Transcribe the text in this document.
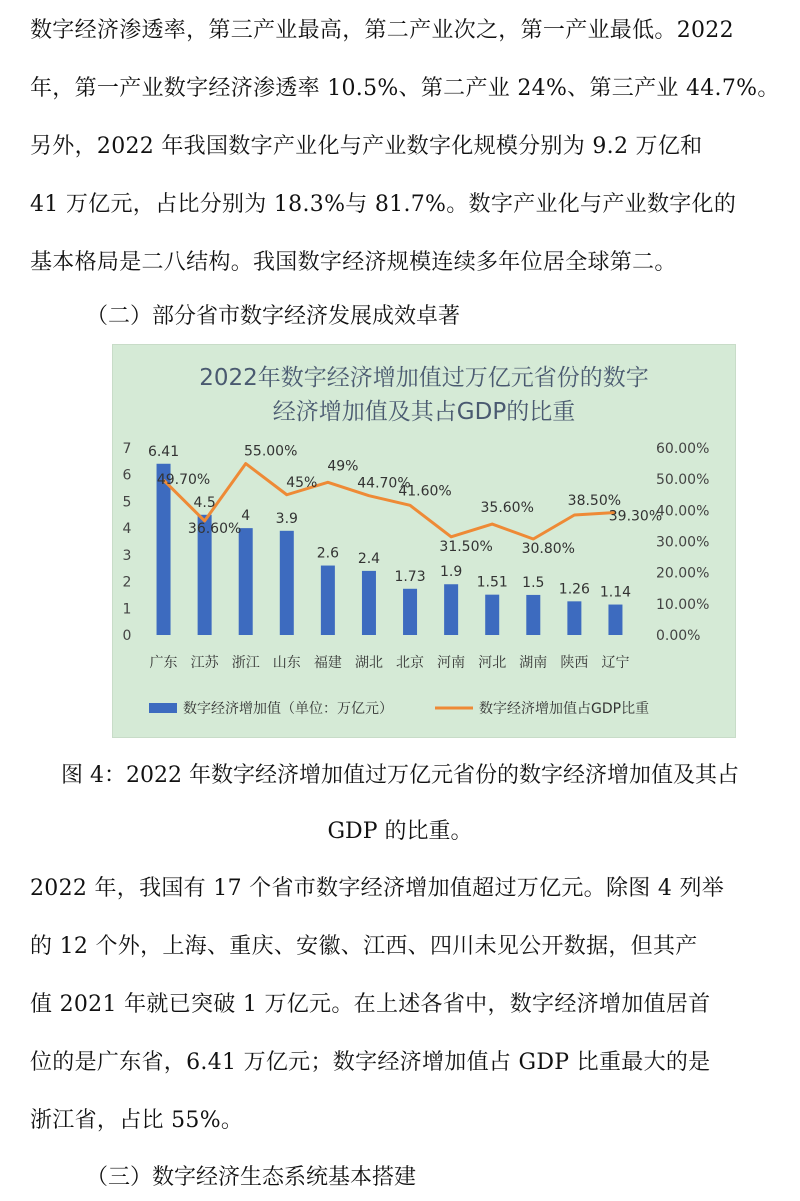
数字经济渗透率，第三产业最高，第二产业次之，第一产业最低。2022
年，第一产业数字经济渗透率 10.5%、第二产业 24%、第三产业 44.7%。
另外，2022 年我国数字产业化与产业数字化规模分别为 9.2 万亿和
41 万亿元，占比分别为 18.3%与 81.7%。数字产业化与产业数字化的
基本格局是二八结构。我国数字经济规模连续多年位居全球第二。
（二）部分省市数字经济发展成效卓著
2022年数字经济增加值过万亿元省份的数字
经济增加值及其占GDP的比重
0
1
2
3
4
5
6
7
0.00%
10.00%
20.00%
30.00%
40.00%
50.00%
60.00%
6.41
4.5
4 3.9
2.6 2.4
1.73 1.9
1.51 1.5 1.26 1.14
49.70%
36.60%
55.00%
45%
49%
44.70%
41.60%
31.50%
35.60%
30.80%
38.50%
39.30%
广东 江苏 浙江 山东 福建 湖北 北京 河南 河北 湖南 陕西 辽宁
数字经济增加值（单位：万亿元）	数字经济增加值占GDP比重
图 4：2022 年数字经济增加值过万亿元省份的数字经济增加值及其占
GDP 的比重。
2022 年，我国有 17 个省市数字经济增加值超过万亿元。除图 4 列举
的 12 个外，上海、重庆、安徽、江西、四川未见公开数据，但其产
值 2021 年就已突破 1 万亿元。在上述各省中，数字经济增加值居首
位的是广东省，6.41 万亿元；数字经济增加值占 GDP 比重最大的是
浙江省，占比 55%。
（三）数字经济生态系统基本搭建
